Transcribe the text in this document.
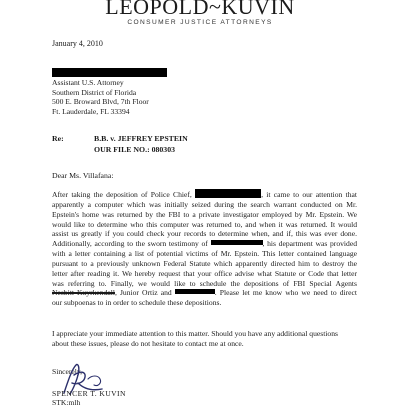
LEOPOLD~KUVIN
CONSUMER JUSTICE ATTORNEYS
January 4, 2010
Assistant U.S. Attorney
Southern District of Florida
500 E. Broward Blvd, 7th Floor
Ft. Lauderdale, FL 33394
Re:	B.B. v. JEFFREY EPSTEIN
OUR FILE NO.: 080303
Dear Ms. Villafana:
After taking the deposition of Police Chief,	, it came to our attention that
apparently a computer which was initially seized during the search warrant conducted on Mr.
Epstein's home was returned by the FBI to a private investigator employed by Mr. Epstein. We
would like to determine who this computer was returned to, and when it was returned. It would
assist us greatly if you could check your records to determine when, and if, this was ever done.
Additionally, according to the sworn testimony of	, his department was provided
with a letter containing a list of potential victims of Mr. Epstein. This letter contained language
pursuant to a previously unknown Federal Statute which apparently directed him to destroy the
letter after reading it. We hereby request that your office advise what Statute or Code that letter
was referring to. Finally, we would like to schedule the depositions of FBI Special Agents
Nesbitt Kuyrkendall, Junior Ortiz and	. Please let me know who we need to direct
our subpoenas to in order to schedule these depositions.
I appreciate your immediate attention to this matter. Should you have any additional questions
about these issues, please do not hesitate to contact me at once.
Sincerely,
SPENCER T. KUVIN
STK:mlh
